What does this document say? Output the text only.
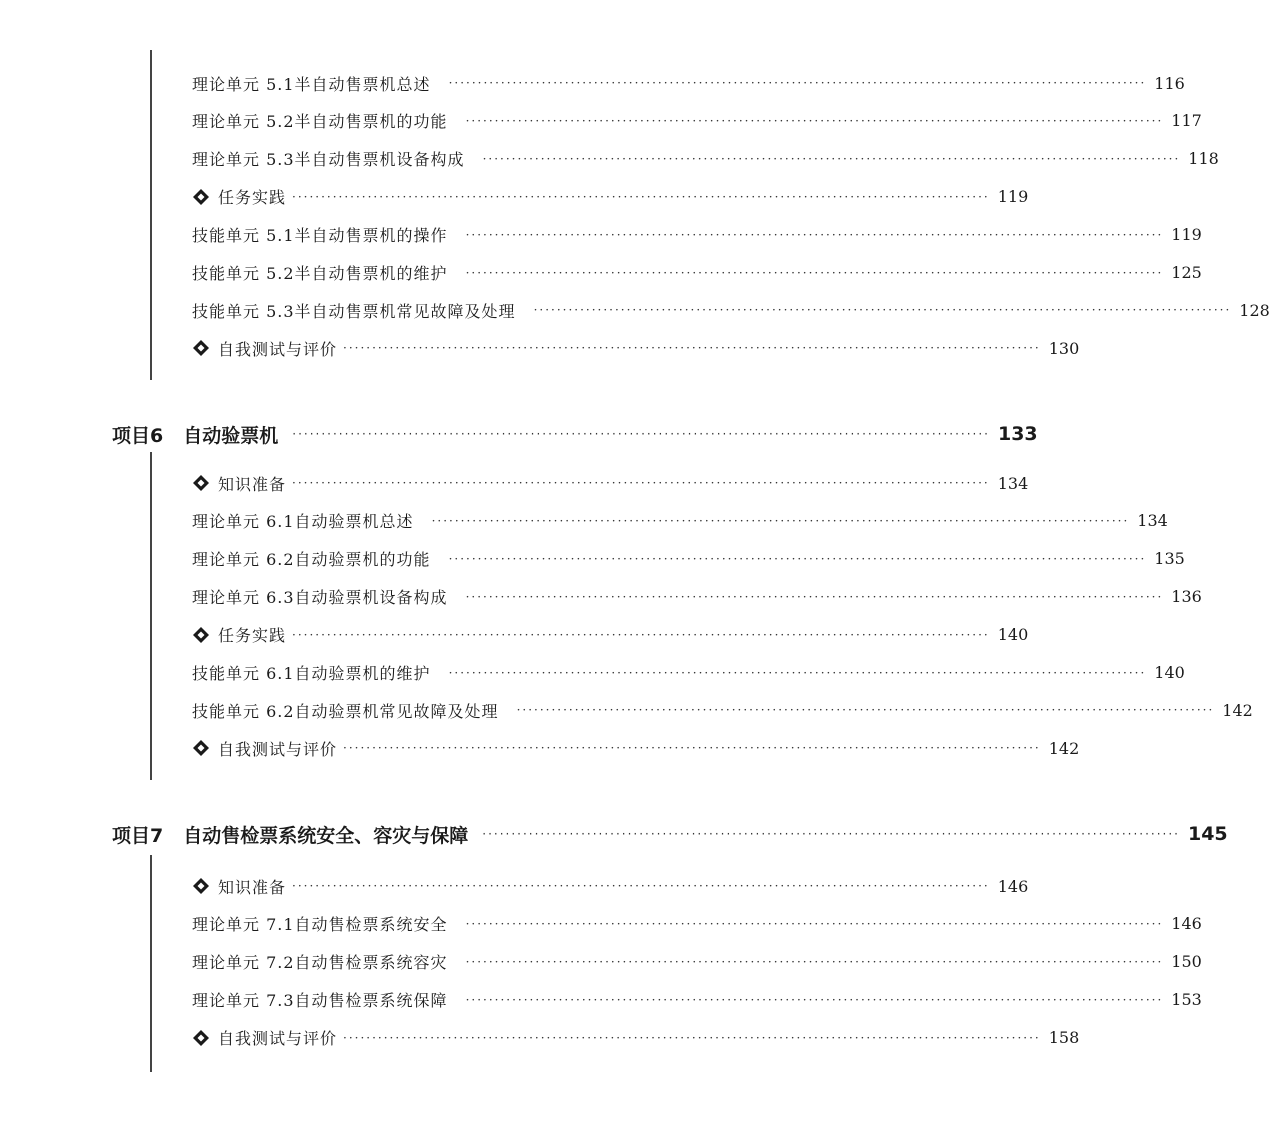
理论单元 5.1 半自动售票机总述 ························································································································ 116
理论单元 5.2 半自动售票机的功能 ························································································································ 117
理论单元 5.3 半自动售票机设备构成 ························································································································ 118
任务实践 ························································································································ 119
技能单元 5.1 半自动售票机的操作 ························································································································ 119
技能单元 5.2 半自动售票机的维护 ························································································································ 125
技能单元 5.3 半自动售票机常见故障及处理 ························································································································ 128
自我测试与评价 ························································································································ 130
项目6 自动验票机 ························································································································ 133
知识准备 ························································································································ 134
理论单元 6.1 自动验票机总述 ························································································································ 134
理论单元 6.2 自动验票机的功能 ························································································································ 135
理论单元 6.3 自动验票机设备构成 ························································································································ 136
任务实践 ························································································································ 140
技能单元 6.1 自动验票机的维护 ························································································································ 140
技能单元 6.2 自动验票机常见故障及处理 ························································································································ 142
自我测试与评价 ························································································································ 142
项目7 自动售检票系统安全、容灾与保障 ························································································································ 145
知识准备 ························································································································ 146
理论单元 7.1 自动售检票系统安全 ························································································································ 146
理论单元 7.2 自动售检票系统容灾 ························································································································ 150
理论单元 7.3 自动售检票系统保障 ························································································································ 153
自我测试与评价 ························································································································ 158
